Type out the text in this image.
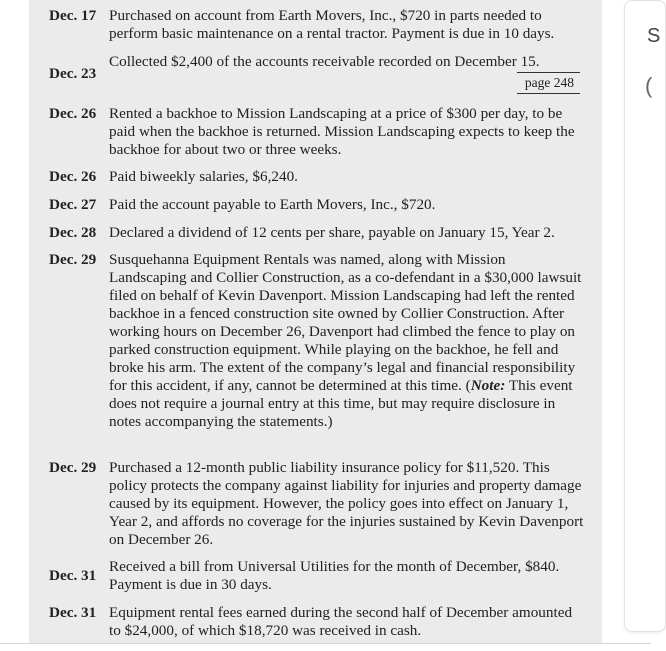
Dec. 17 Purchased on account from Earth Movers, Inc., $720 in parts needed to perform basic maintenance on a rental tractor. Payment is due in 10 days.
Dec. 23
Collected $2,400 of the accounts receivable recorded on December 15.
page 248
Dec. 26 Rented a backhoe to Mission Landscaping at a price of $300 per day, to be paid when the backhoe is returned. Mission Landscaping expects to keep the backhoe for about two or three weeks.
Dec. 26 Paid biweekly salaries, $6,240.
Dec. 27 Paid the account payable to Earth Movers, Inc., $720.
Dec. 28 Declared a dividend of 12 cents per share, payable on January 15, Year 2.
Dec. 29 Susquehanna Equipment Rentals was named, along with Mission Landscaping and Collier Construction, as a co-defendant in a $30,000 lawsuit filed on behalf of Kevin Davenport. Mission Landscaping had left the rented backhoe in a fenced construction site owned by Collier Construction. After working hours on December 26, Davenport had climbed the fence to play on parked construction equipment. While playing on the backhoe, he fell and broke his arm. The extent of the company’s legal and financial responsibility for this accident, if any, cannot be determined at this time. (Note: This event does not require a journal entry at this time, but may require disclosure in notes accompanying the statements.)
Dec. 29 Purchased a 12-month public liability insurance policy for $11,520. This policy protects the company against liability for injuries and property damage caused by its equipment. However, the policy goes into effect on January 1, Year 2, and affords no coverage for the injuries sustained by Kevin Davenport on December 26.
Dec. 31
Received a bill from Universal Utilities for the month of December, $840. Payment is due in 30 days.
Dec. 31 Equipment rental fees earned during the second half of December amounted to $24,000, of which $18,720 was received in cash.
S
(
